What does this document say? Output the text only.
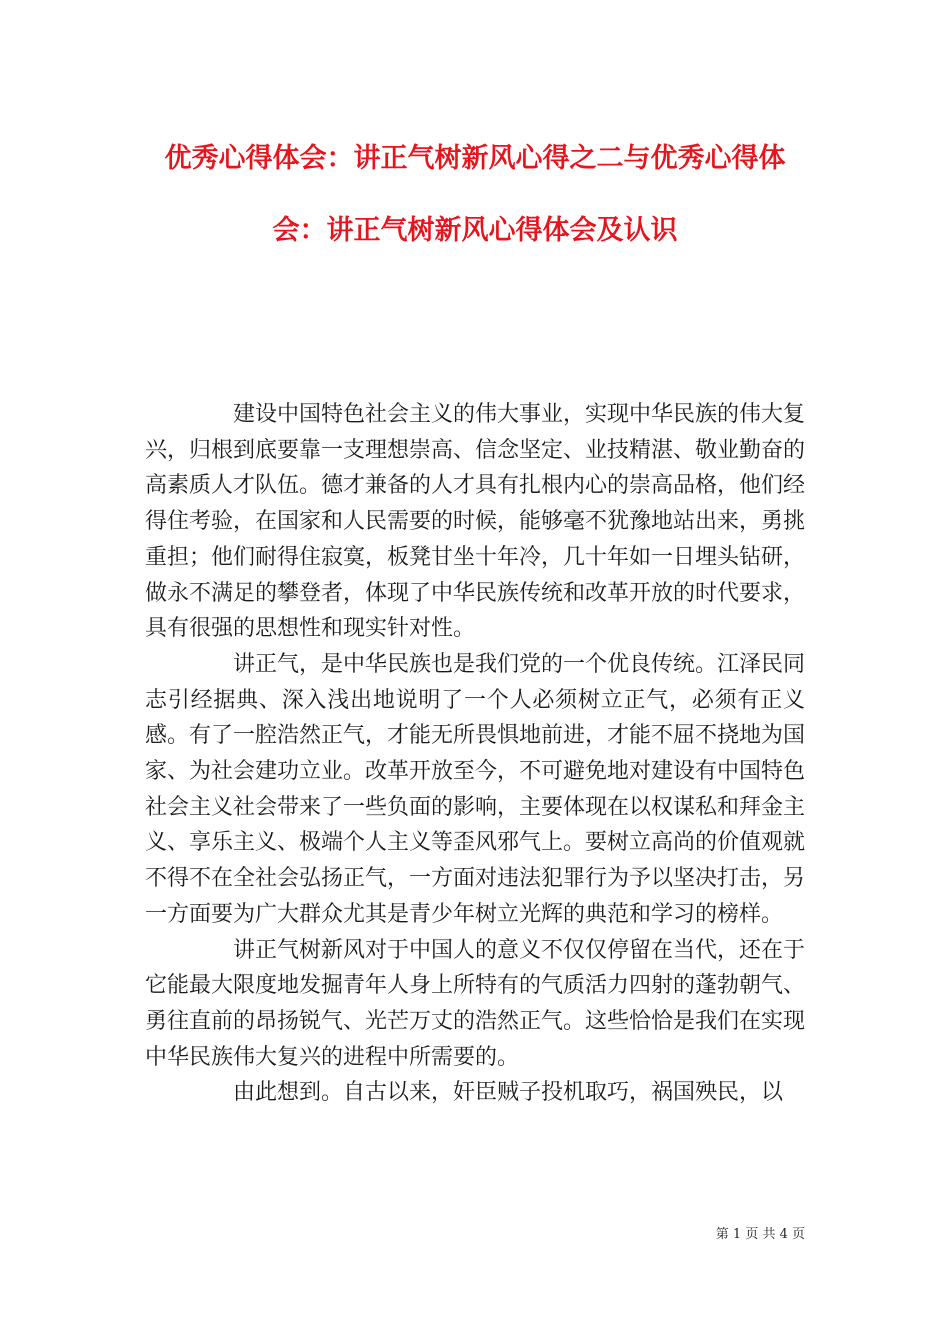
优秀心得体会：讲正气树新风心得之二与优秀心得体
会：讲正气树新风心得体会及认识

建设中国特色社会主义的伟大事业，实现中华民族的伟大复兴，归根到底要靠一支理想崇高、信念坚定、业技精湛、敬业勤奋的高素质人才队伍。德才兼备的人才具有扎根内心的崇高品格，他们经得住考验，在国家和人民需要的时候，能够毫不犹豫地站出来，勇挑重担；他们耐得住寂寞，板凳甘坐十年冷，几十年如一日埋头钻研，做永不满足的攀登者，体现了中华民族传统和改革开放的时代要求，具有很强的思想性和现实针对性。

讲正气，是中华民族也是我们党的一个优良传统。江泽民同志引经据典、深入浅出地说明了一个人必须树立正气，必须有正义感。有了一腔浩然正气，才能无所畏惧地前进，才能不屈不挠地为国家、为社会建功立业。改革开放至今，不可避免地对建设有中国特色社会主义社会带来了一些负面的影响，主要体现在以权谋私和拜金主义、享乐主义、极端个人主义等歪风邪气上。要树立高尚的价值观就不得不在全社会弘扬正气，一方面对违法犯罪行为予以坚决打击，另一方面要为广大群众尤其是青少年树立光辉的典范和学习的榜样。

讲正气树新风对于中国人的意义不仅仅停留在当代，还在于它能最大限度地发掘青年人身上所特有的气质活力四射的蓬勃朝气、勇往直前的昂扬锐气、光芒万丈的浩然正气。这些恰恰是我们在实现中华民族伟大复兴的进程中所需要的。

由此想到。自古以来，奸臣贼子投机取巧，祸国殃民，以

第 1 页 共 4 页
